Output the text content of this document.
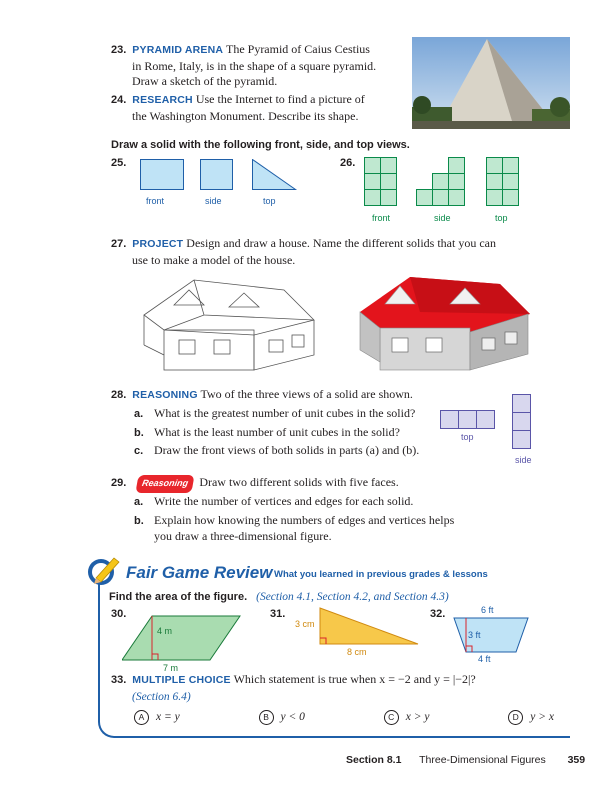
23. PYRAMID ARENA The Pyramid of Caius Cestius
in Rome, Italy, is in the shape of a square pyramid.
Draw a sketch of the pyramid.
24. RESEARCH Use the Internet to find a picture of
the Washington Monument. Describe its shape.
Draw a solid with the following front, side, and top views.
25.
front	side	top
26.
front	side	top
27. PROJECT Design and draw a house. Name the different solids that you can
use to make a model of the house.
28. REASONING Two of the three views of a solid are shown.
a. What is the greatest number of unit cubes in the solid?
b. What is the least number of unit cubes in the solid?
c. Draw the front views of both solids in parts (a) and (b).
top
side
29. Reasoning Draw two different solids with five faces.
a. Write the number of vertices and edges for each solid.
b. Explain how knowing the numbers of edges and vertices helps
you draw a three-dimensional figure.
Fair Game Review What you learned in previous grades & lessons
Find the area of the figure. (Section 4.1, Section 4.2, and Section 4.3)
30.
4 m
7 m
31.
3 cm
8 cm
32.	6 ft
3 ft
4 ft
33. MULTIPLE CHOICE Which statement is true when x = −2 and y = |−2|?
(Section 6.4)
A x = y	B y < 0	C x > y	D y > x
Section 8.1 Three-Dimensional Figures 359
